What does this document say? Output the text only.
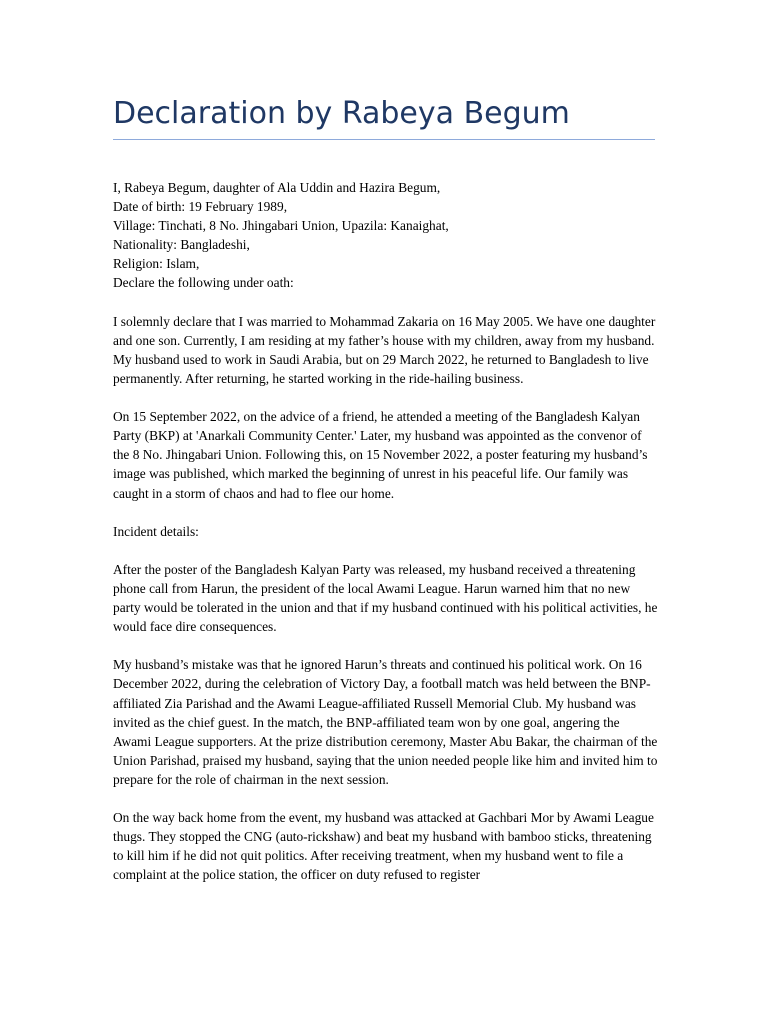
Declaration by Rabeya Begum

I, Rabeya Begum, daughter of Ala Uddin and Hazira Begum,
Date of birth: 19 February 1989,
Village: Tinchati, 8 No. Jhingabari Union, Upazila: Kanaighat,
Nationality: Bangladeshi,
Religion: Islam,
Declare the following under oath:

I solemnly declare that I was married to Mohammad Zakaria on 16 May 2005. We have one daughter and one son. Currently, I am residing at my father’s house with my children, away from my husband. My husband used to work in Saudi Arabia, but on 29 March 2022, he returned to Bangladesh to live permanently. After returning, he started working in the ride-hailing business.

On 15 September 2022, on the advice of a friend, he attended a meeting of the Bangladesh Kalyan Party (BKP) at 'Anarkali Community Center.' Later, my husband was appointed as the convenor of the 8 No. Jhingabari Union. Following this, on 15 November 2022, a poster featuring my husband’s image was published, which marked the beginning of unrest in his peaceful life. Our family was caught in a storm of chaos and had to flee our home.

Incident details:

After the poster of the Bangladesh Kalyan Party was released, my husband received a threatening phone call from Harun, the president of the local Awami League. Harun warned him that no new party would be tolerated in the union and that if my husband continued with his political activities, he would face dire consequences.

My husband’s mistake was that he ignored Harun’s threats and continued his political work. On 16 December 2022, during the celebration of Victory Day, a football match was held between the BNP-affiliated Zia Parishad and the Awami League-affiliated Russell Memorial Club. My husband was invited as the chief guest. In the match, the BNP-affiliated team won by one goal, angering the Awami League supporters. At the prize distribution ceremony, Master Abu Bakar, the chairman of the Union Parishad, praised my husband, saying that the union needed people like him and invited him to prepare for the role of chairman in the next session.

On the way back home from the event, my husband was attacked at Gachbari Mor by Awami League thugs. They stopped the CNG (auto-rickshaw) and beat my husband with bamboo sticks, threatening to kill him if he did not quit politics. After receiving treatment, when my husband went to file a complaint at the police station, the officer on duty refused to register
